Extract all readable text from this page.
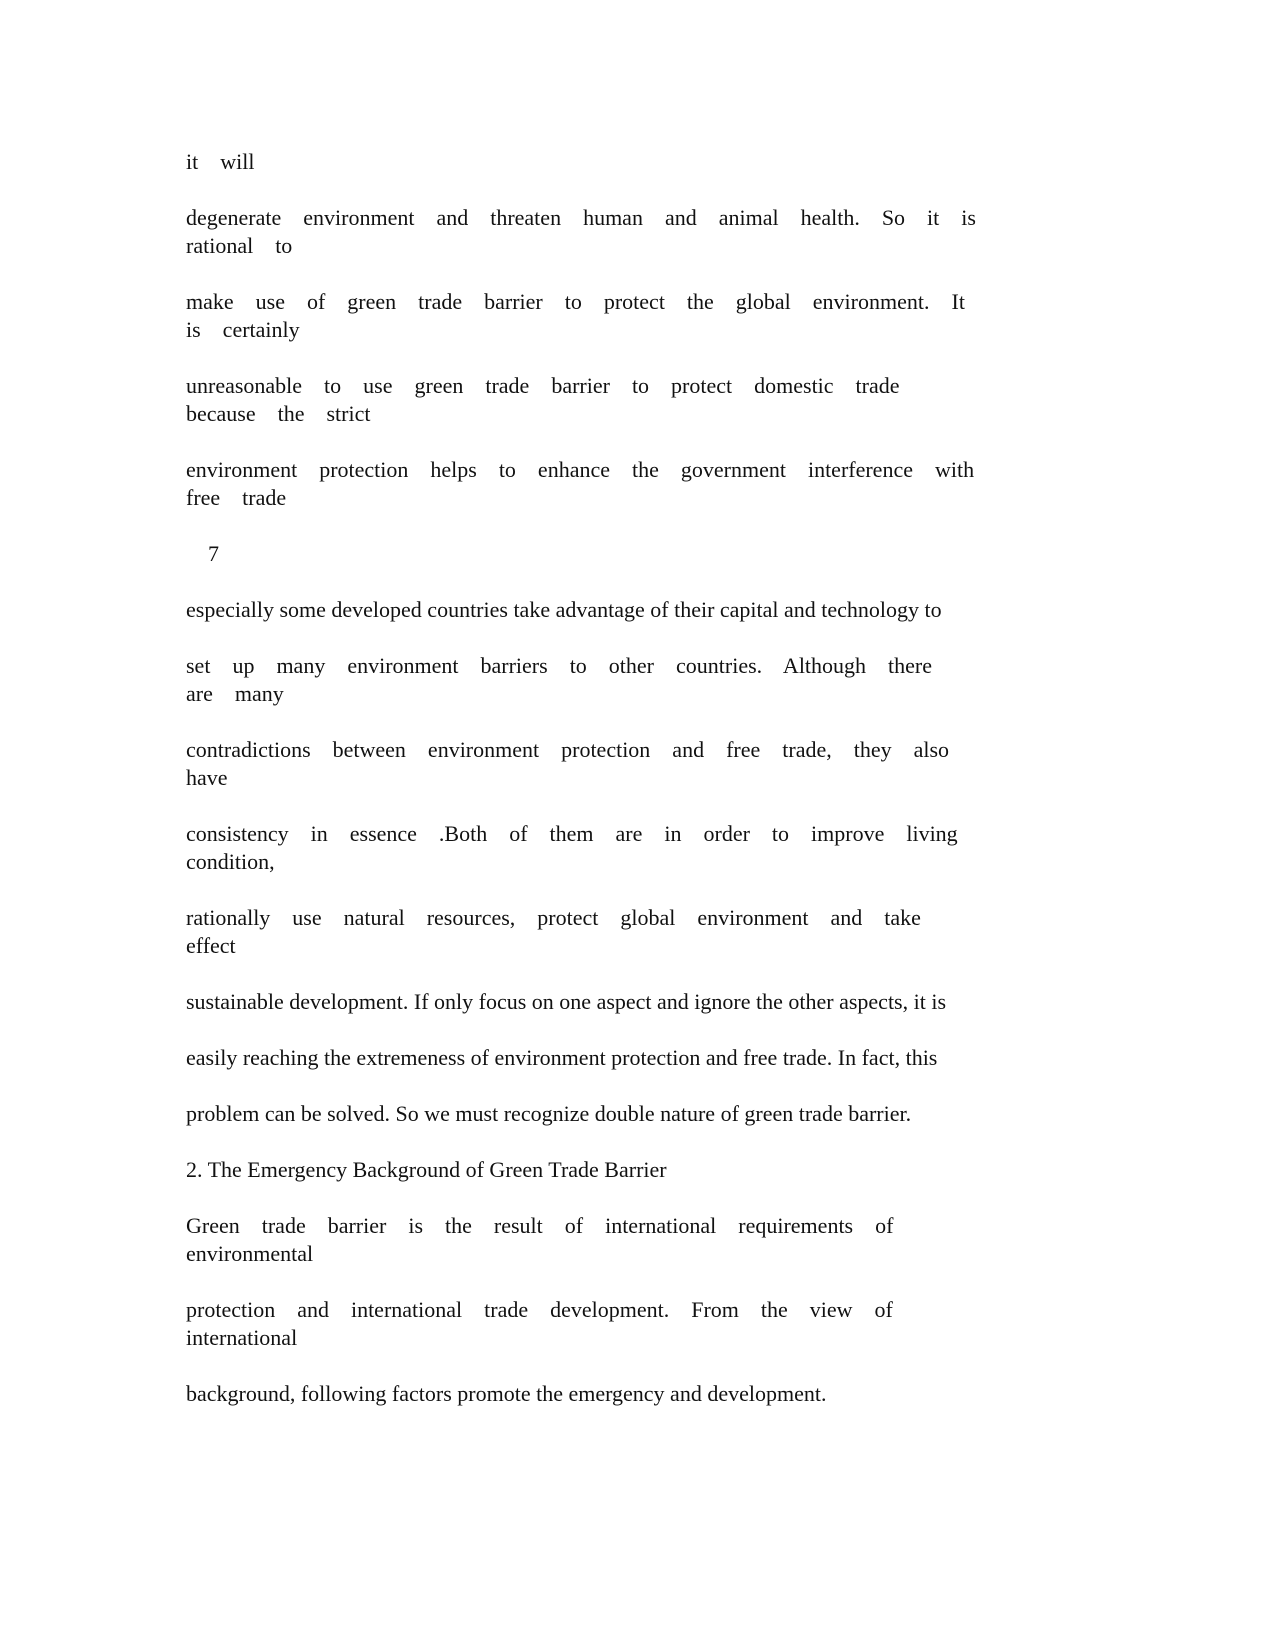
it    will

degenerate    environment    and    threaten    human    and    animal    health.    So    it    is

rational    to

make    use    of    green    trade    barrier    to    protect    the    global    environment.    It

is    certainly

unreasonable    to    use    green    trade    barrier    to    protect    domestic    trade

because    the    strict

environment    protection    helps    to    enhance    the    government    interference    with

free    trade

7

especially some developed countries take advantage of their capital and technology to

set    up    many    environment    barriers    to    other    countries.    Although    there

are    many

contradictions    between    environment    protection    and    free    trade,    they    also

have

consistency    in    essence    .Both    of    them    are    in    order    to    improve    living

condition,

rationally    use    natural    resources,    protect    global    environment    and    take

effect

sustainable development. If only focus on one aspect and ignore the other aspects, it is

easily reaching the extremeness of environment protection and free trade. In fact, this

problem can be solved. So we must recognize double nature of green trade barrier.

2. The Emergency Background of Green Trade Barrier

Green    trade    barrier    is    the    result    of    international    requirements    of

environmental

protection    and    international    trade    development.    From    the    view    of

international

background, following factors promote the emergency and development.
